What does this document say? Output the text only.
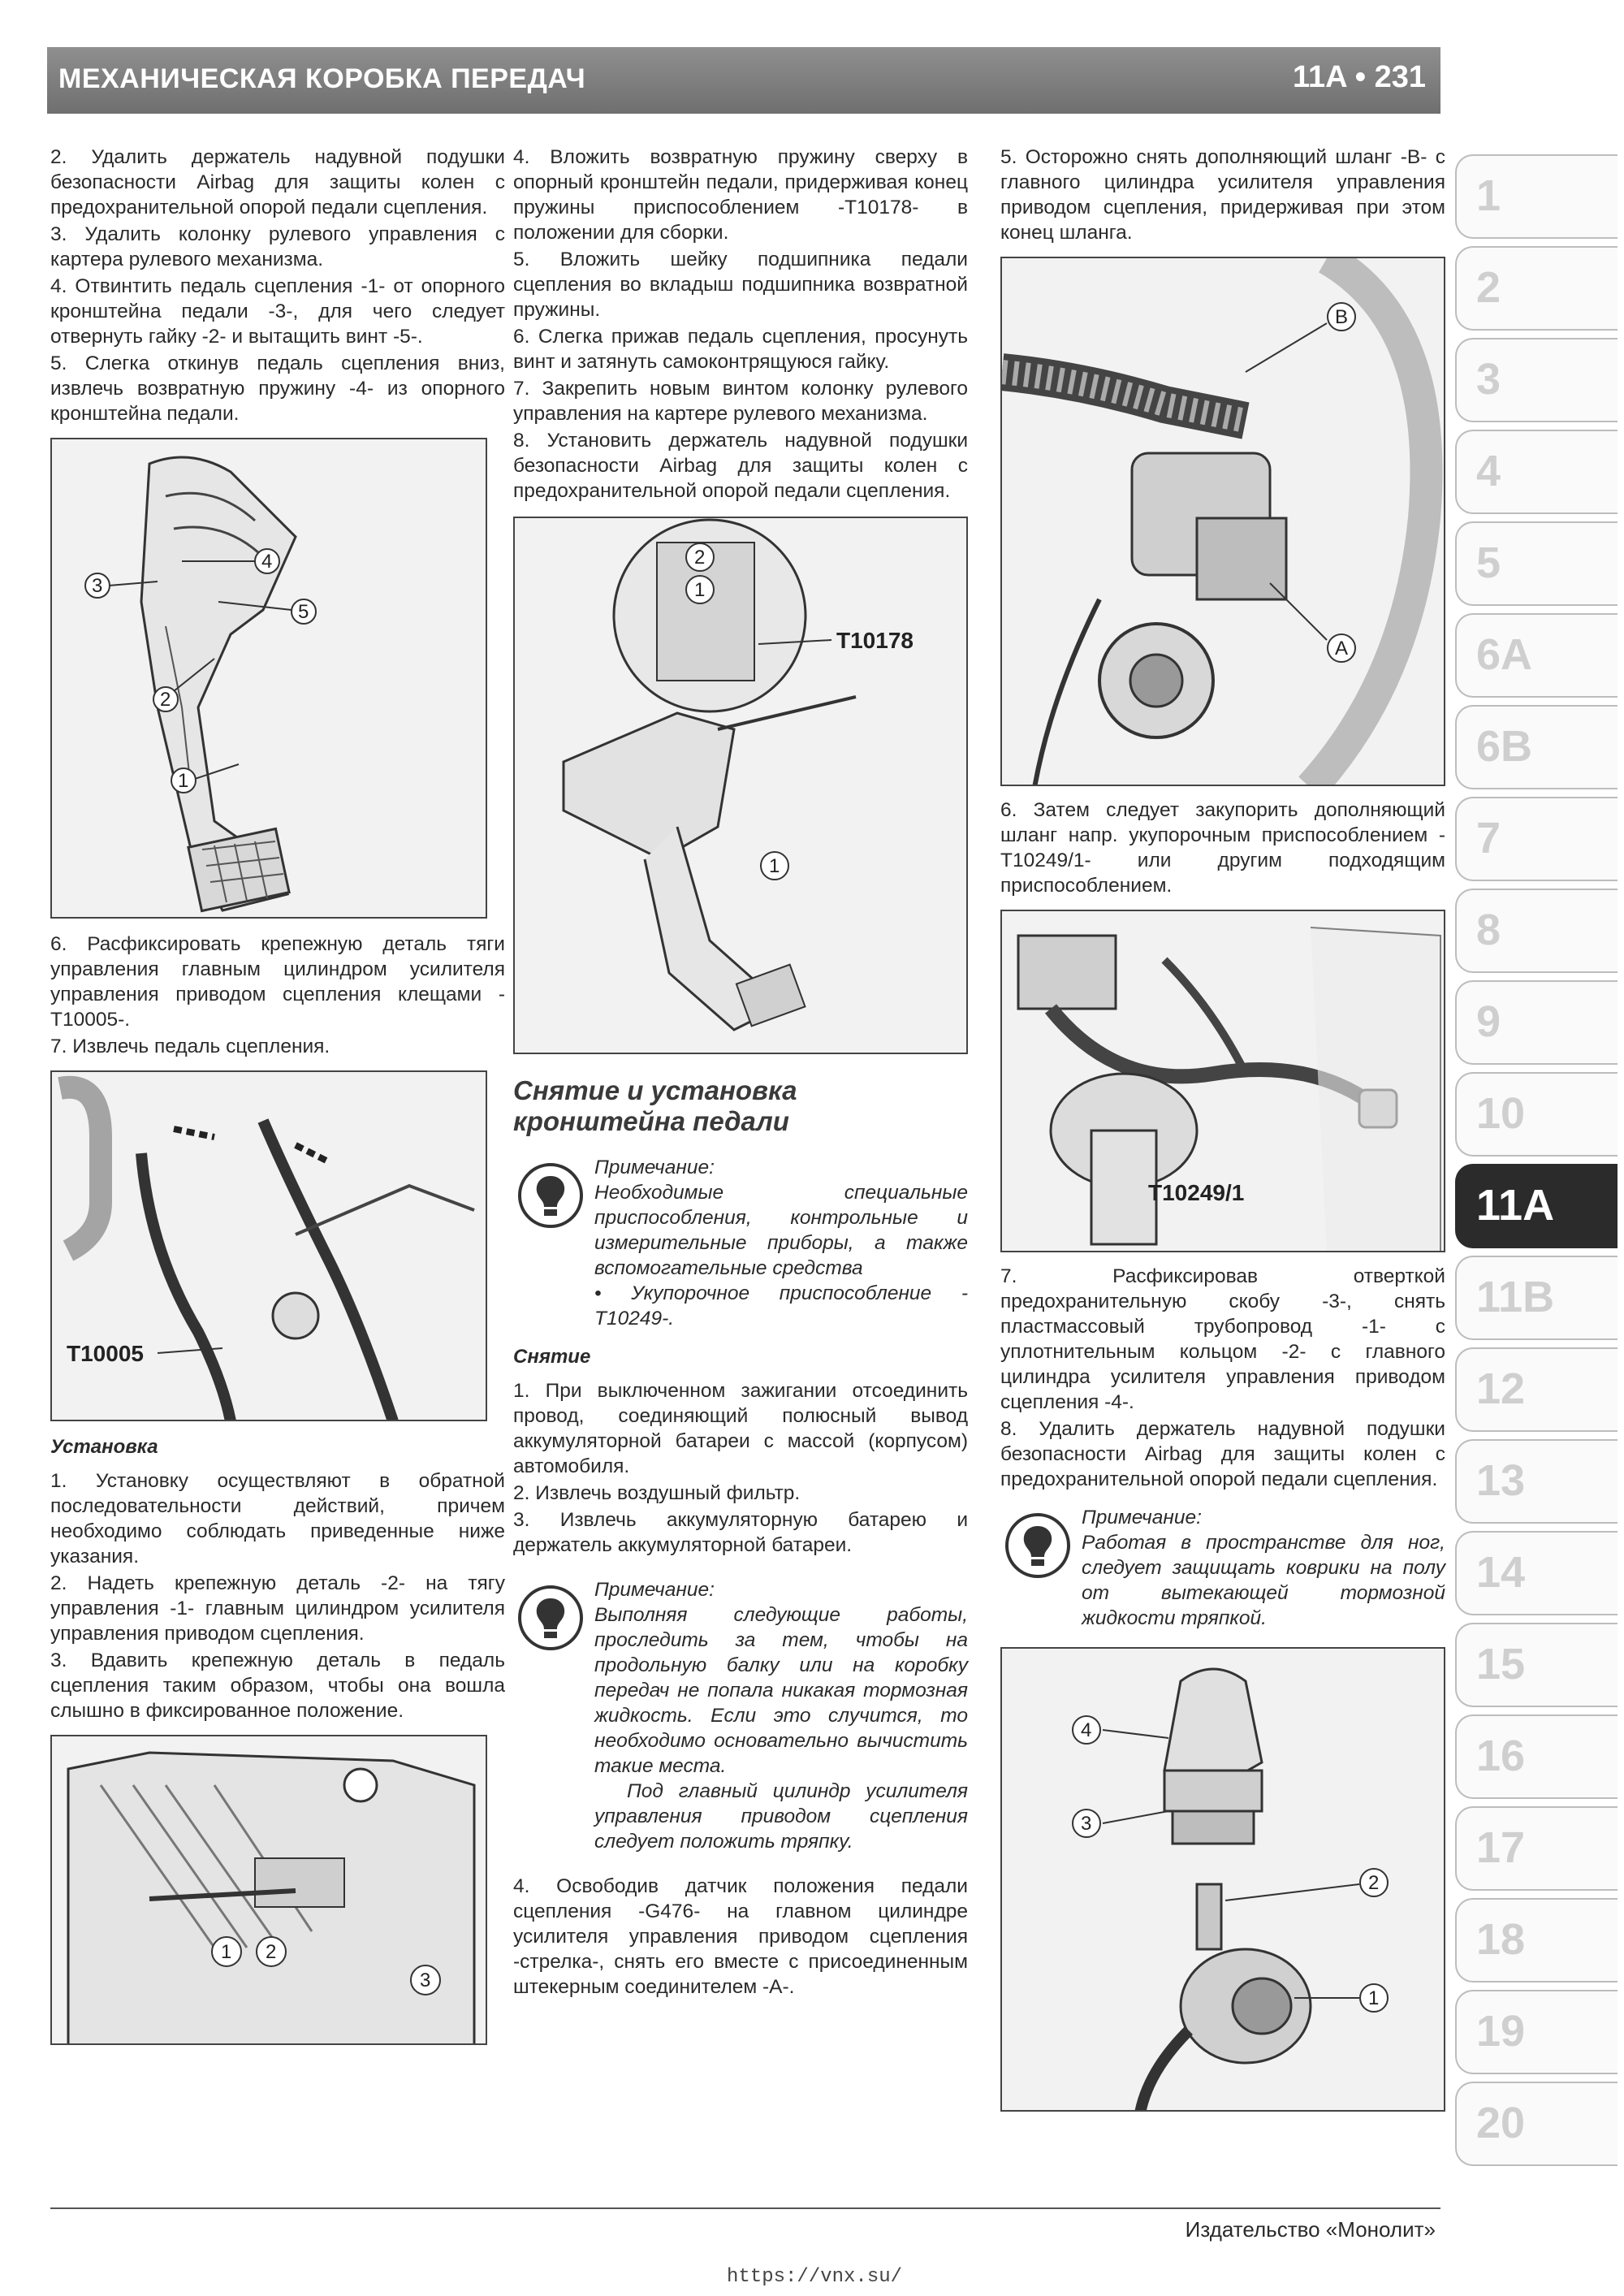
МЕХАНИЧЕСКАЯ КОРОБКА ПЕРЕДАЧ	11A • 231

2. Удалить держатель надувной подушки безопасности Airbag для защиты колен с предохранительной опорой педали сцепления.

3. Удалить колонку рулевого управления с картера рулевого механизма.

4. Отвинтить педаль сцепления -1- от опорного кронштейна педали -3-, для чего следует отвернуть гайку -2- и вытащить винт -5-.

5. Слегка откинув педаль сцепления вниз, извлечь возвратную пружину -4- из опорного кронштейна педали.

3
4
5
2
1

6. Расфиксировать крепежную деталь тяги управления главным цилиндром усилителя управления приводом сцепления клещами -T10005-.

7. Извлечь педаль сцепления.

T10005
Установка

1. Установку осуществляют в обратной последовательности действий, причем необходимо соблюдать приведенные ниже указания.

2. Надеть крепежную деталь -2- на тягу управления -1- главным цилиндром усилителя управления приводом сцепления.

3. Вдавить крепежную деталь в педаль сцепления таким образом, чтобы она вошла слышно в фиксированное положение.

1 2
3

4. Вложить возвратную пружину сверху в опорный кронштейн педали, придерживая конец пружины приспособлением -T10178- в положении для сборки.

5. Вложить шейку подшипника педали сцепления во вкладыш подшипника возвратной пружины.

6. Слегка прижав педаль сцепления, просунуть винт и затянуть самоконтрящуюся гайку.

7. Закрепить новым винтом колонку рулевого управления на картере рулевого механизма.

8. Установить держатель надувной подушки безопасности Airbag для защиты колен с предохранительной опорой педали сцепления.

T10178
2
1
1
Снятие и установка кронштейна педали

Примечание:

Необходимые специальные приспособления, контрольные и измерительные приборы, а также вспомогательные средства

• Укупорочное приспособление -T10249-.

Снятие

1. При выключенном зажигании отсоединить провод, соединяющий полюсный вывод аккумуляторной батареи с массой (корпусом) автомобиля.

2. Извлечь воздушный фильтр.

3. Извлечь аккумуляторную батарею и держатель аккумуляторной батареи.

Примечание:

Выполняя следующие работы, проследить за тем, чтобы на продольную балку или на коробку передач не попала никакая тормозная жидкость. Если это случится, то необходимо основательно вычистить такие места.

Под главный цилиндр усилителя управления приводом сцепления следует положить тряпку.

4. Освободив датчик положения педали сцепления -G476- на главном цилиндре усилителя управления приводом сцепления -стрелка-, снять его вместе с присоединенным штекерным соединителем -A-.

5. Осторожно снять дополняющий шланг -B- с главного цилиндра усилителя управления приводом сцепления, придерживая при этом конец шланга.

B
A

6. Затем следует закупорить дополняющий шланг напр. укупорочным приспособлением -T10249/1- или другим подходящим приспособлением.

T10249/1

7. Расфиксировав отверткой предохранительную скобу -3-, снять пластмассовый трубопровод -1- с уплотнительным кольцом -2- с главного цилиндра усилителя управления приводом сцепления -4-.

8. Удалить держатель надувной подушки безопасности Airbag для защиты колен с предохранительной опорой педали сцепления.

Примечание:

Работая в пространстве для ног, следует защищать коврики на полу от вытекающей тормозной жидкости тряпкой.

4
3
2
1
1
2
3
4
5
6A
6B
7
8
9
10
11A
11B
12
13
14
15
16
17
18
19
20
Издательство «Монолит»
https://vnx.su/
